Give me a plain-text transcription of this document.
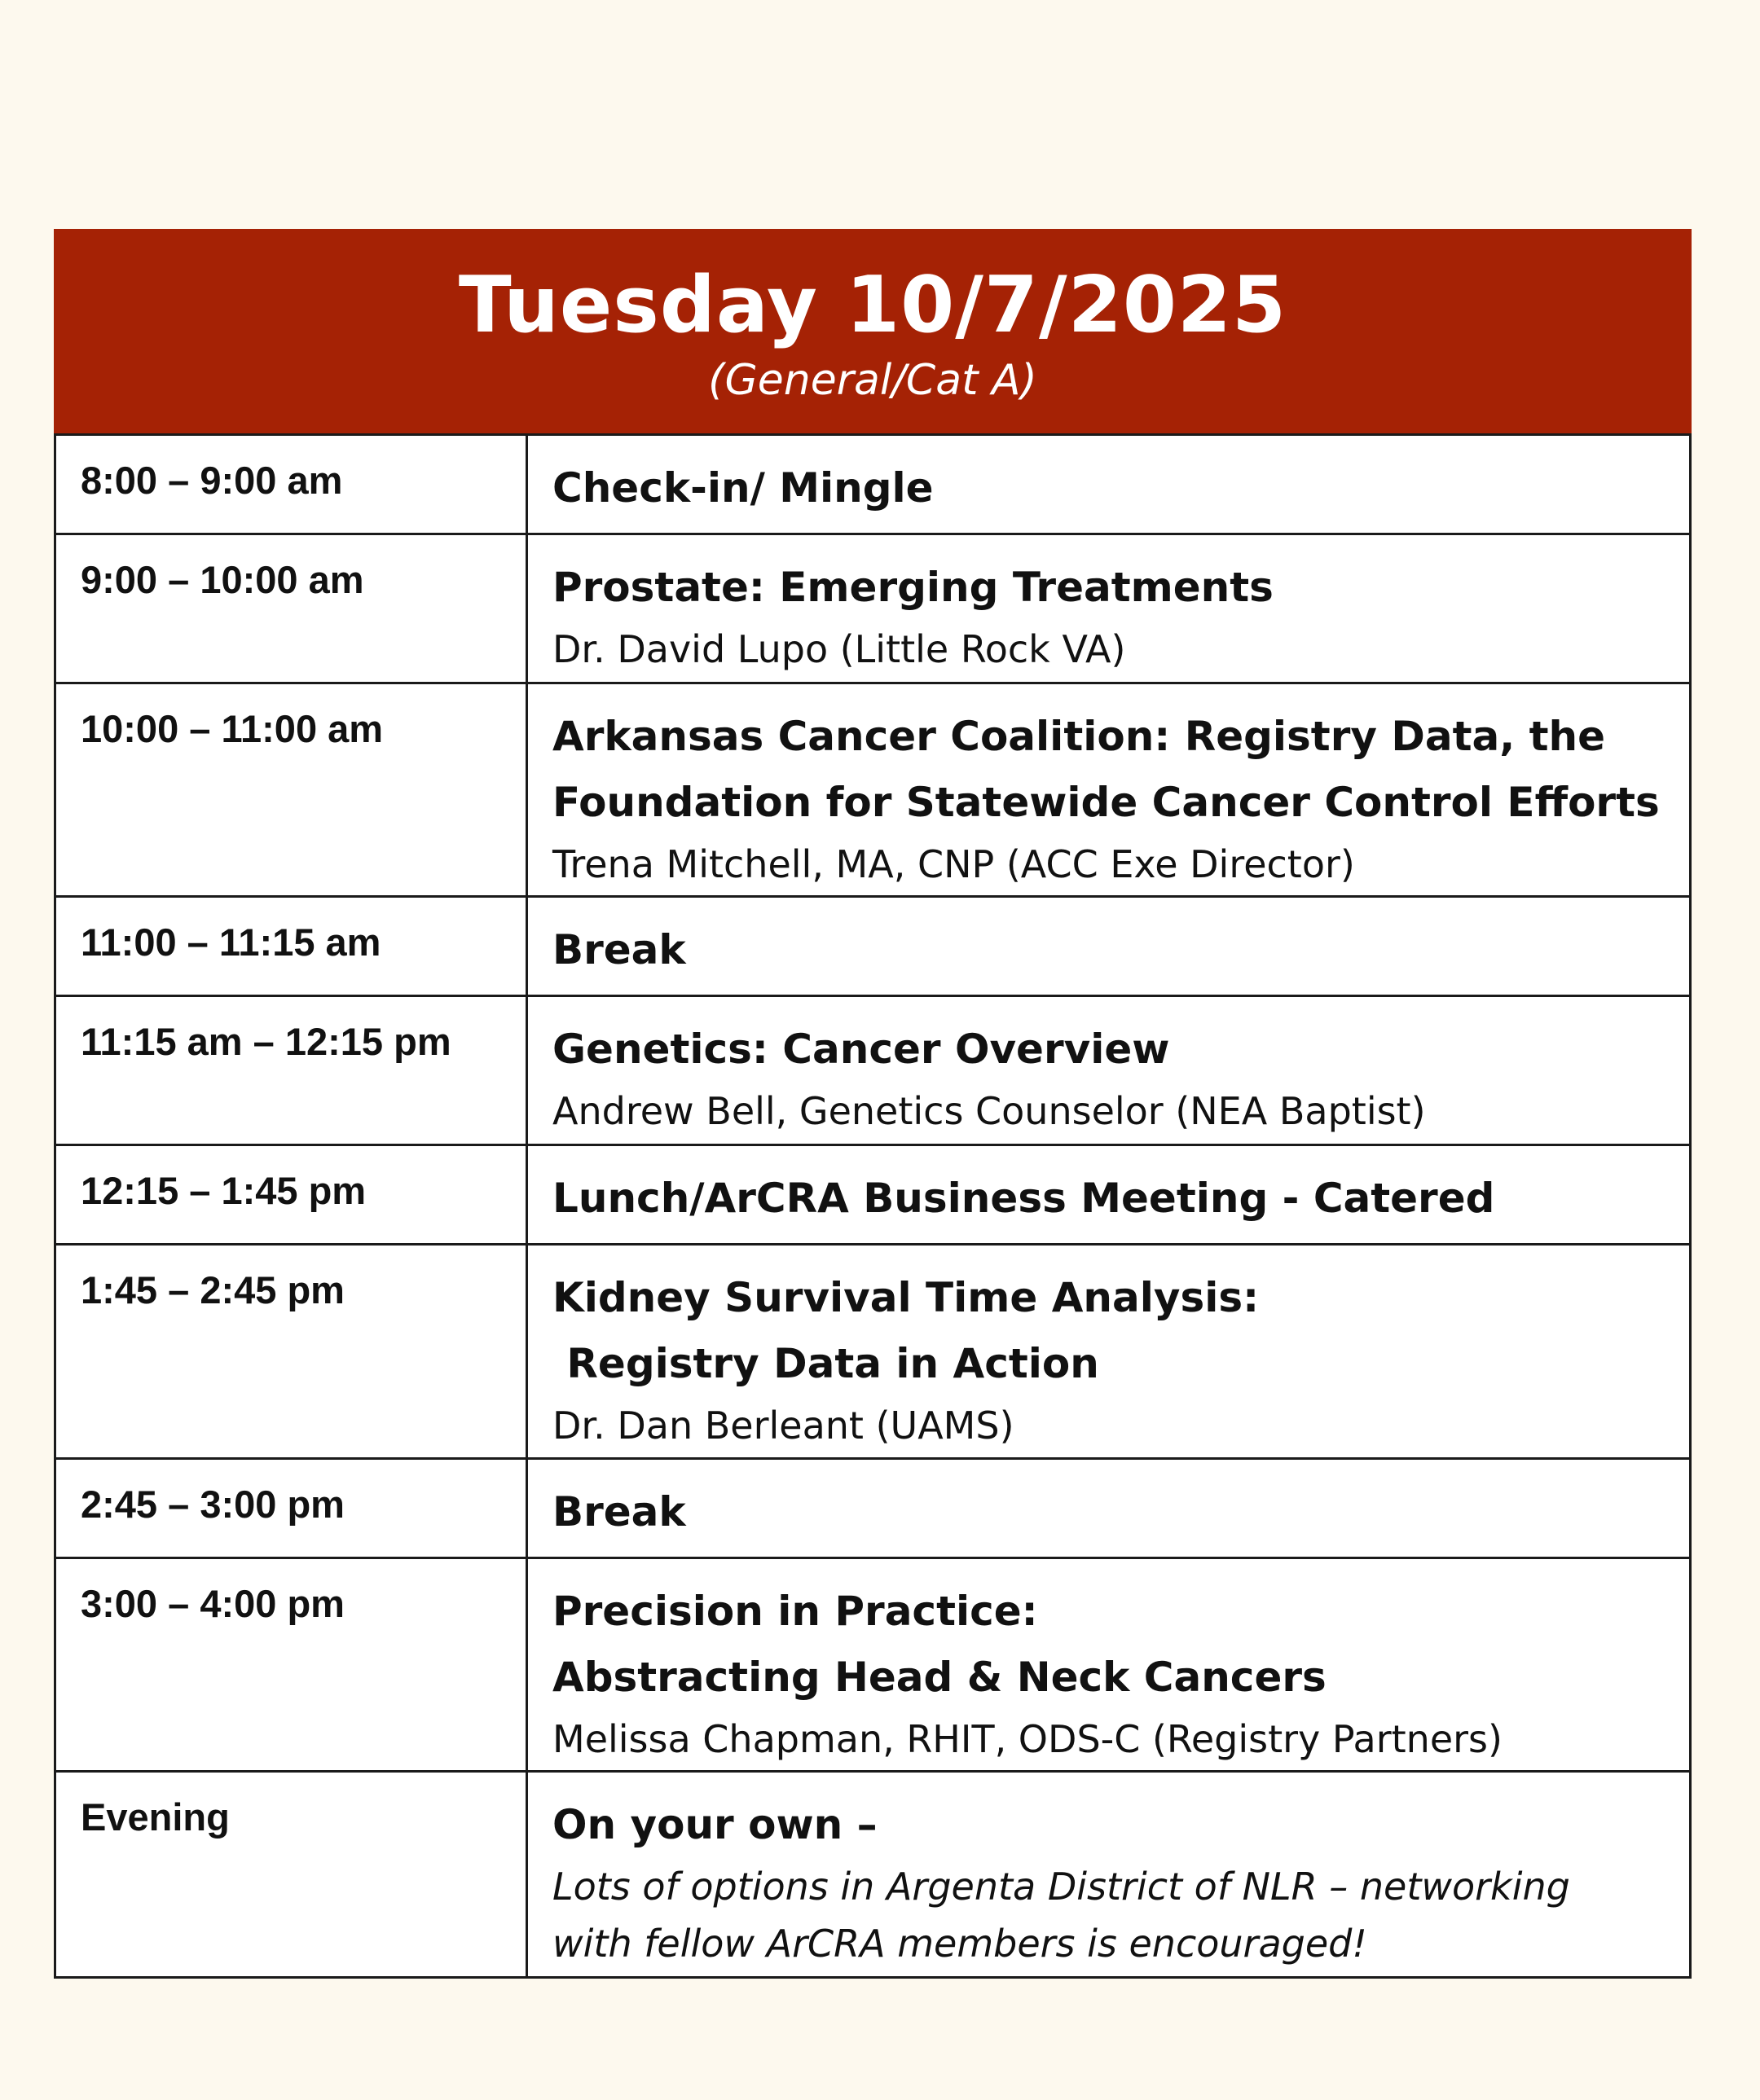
Tuesday 10/7/2025
(General/Cat A)
8:00 – 9:00 am	Check-in/ Mingle

9:00 – 10:00 am	Prostate: Emerging Treatments
Dr. David Lupo (Little Rock VA)

10:00 – 11:00 am	Arkansas Cancer Coalition: Registry Data, the
Foundation for Statewide Cancer Control Efforts
Trena Mitchell, MA, CNP (ACC Exe Director)

11:00 – 11:15 am	Break

11:15 am – 12:15 pm	Genetics: Cancer Overview
Andrew Bell, Genetics Counselor (NEA Baptist)

12:15 – 1:45 pm	Lunch/ArCRA Business Meeting - Catered

1:45 – 2:45 pm	Kidney Survival Time Analysis:
Registry Data in Action
Dr. Dan Berleant (UAMS)

2:45 – 3:00 pm	Break

3:00 – 4:00 pm	Precision in Practice:
Abstracting Head & Neck Cancers
Melissa Chapman, RHIT, ODS-C (Registry Partners)

Evening	On your own –
Lots of options in Argenta District of NLR – networking
with fellow ArCRA members is encouraged!
